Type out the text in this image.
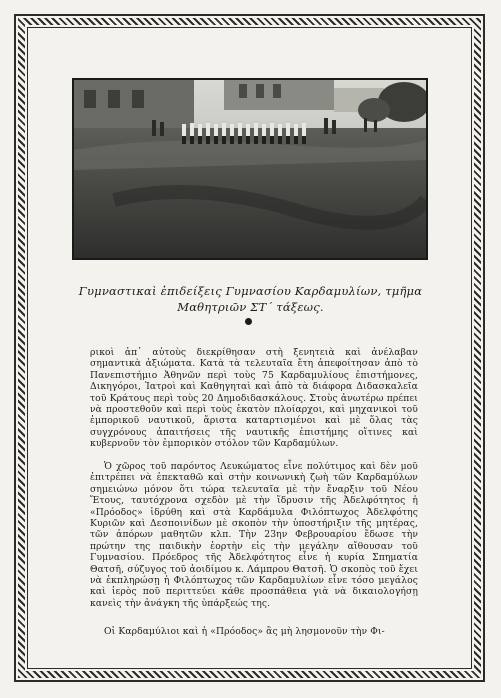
Γυμναστικαὶ ἐπιδείξεις Γυμνασίου Καρδαμυλίων, τμῆμα
Μαθητριῶν ΣΤ΄ τάξεως.

ρικοὶ ἀπ᾽ αὐτοὺς διεκρίθησαν στὴ ξενητειὰ καὶ ἀνέλαβαν σημαντικὰ ἀξιώματα. Κατὰ τὰ τελευταῖα ἔτη ἀπεφοίτησαν ἀπὸ τὸ Πανεπιστήμιο Ἀθηνῶν περὶ τοὺς 75 Καρδαμυλίους ἐπιστήμονες, Δικηγόροι, Ἰατροὶ καὶ Καθηγηταὶ καὶ ἀπὸ τὰ διάφορα Διδασκαλεῖα τοῦ Κράτους περὶ τοὺς 20 Δημοδιδασκάλους. Στοὺς ἀνωτέρω πρέπει νὰ προστεθοῦν καὶ περὶ τοὺς ἑκατὸν πλοίαρχοι, καὶ μηχανικοὶ τοῦ ἐμπορικοῦ ναυτικοῦ, ἄριστα καταρτισμένοι καὶ μὲ ὅλας τὰς συγχρόνους ἀπαιτήσεις τῆς ναυτικῆς ἐπιστήμης οἵτινες καὶ κυβερνοῦν τὸν ἐμπορικὸν στόλον τῶν Καρδαμύλων.

Ὁ χῶρος τοῦ παρόντος Λευκώματος εἶνε πολύτιμος καὶ δὲν μοῦ ἐπιτρέπει νὰ ἐπεκταθῶ καὶ στὴν κοινωνικὴ ζωὴ τῶν Καρδαμύλων σημειώνω μόνον ὅτι τώρα τελευταῖα μὲ τὴν ἔναρξιν τοῦ Νέου Ἔτους, ταυτόχρονα σχεδὸν μὲ τὴν ἵδρυσιν τῆς Ἀδελφότητος ἡ «Πρόοδος» ἱδρύθη καὶ στὰ Καρδάμυλα Φιλόπτωχος Ἀδελφότης Κυριῶν καὶ Δεσποινίδων μὲ σκοπὸν τὴν ὑποστήριξιν τῆς μητέρας, τῶν ἀπόρων μαθητῶν κλπ. Τὴν 23ην Φεβρουαρίου ἔδωσε τὴν πρώτην της παιδικὴν ἑορτὴν εἰς τὴν μεγάλην αἴθουσαν τοῦ Γυμνασίου. Πρόεδρος τῆς Ἀδελφότητος εἶνε ἡ κυρία Σπηματία Θατσῆ, σύζυγος τοῦ ἀοιδίμου κ. Λάμπρου Θατσῆ. Ὁ σκοπὸς τοῦ ἔχει νὰ ἐκπληρώσῃ ἡ Φιλόπτωχος τῶν Καρδαμυλίων εἶνε τόσο μεγάλος καὶ ἱερὸς ποῦ περιττεύει κάθε προσπάθεια γιὰ νὰ δικαιολογήσῃ κανεὶς τὴν ἀνάγκη τῆς ὑπάρξεώς της.

Οἱ Καρδαμύλιοι καὶ ἡ «Πρόοδος» ἂς μὴ λησμονοῦν τὴν Φι-
